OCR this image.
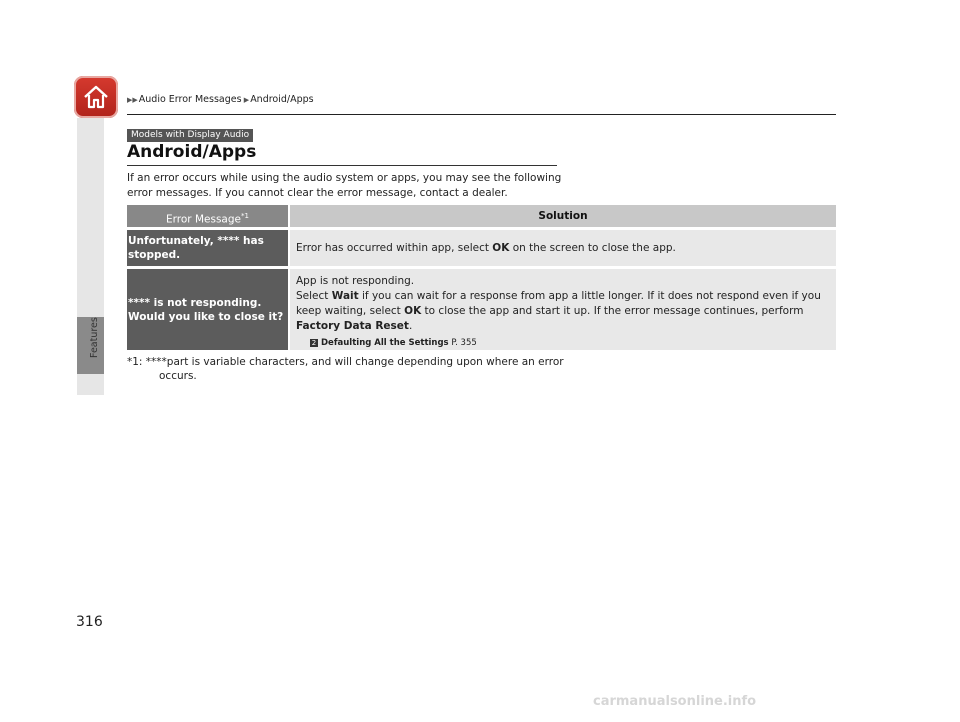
Features
▶▶Audio Error Messages ▶Android/Apps
Models with Display Audio
Android/Apps
If an error occurs while using the audio system or apps, you may see the following error messages. If you cannot clear the error message, contact a dealer.
Error Message$^{*1}$	Solution
Unfortunately, **** has stopped.
Error has occurred within app, select OK on the screen to close the app.
**** is not responding. Would you like to close it?
App is not responding.
Select Wait if you can wait for a response from app a little longer. If it does not respond even if you keep waiting, select OK to close the app and start it up. If the error message continues, perform Factory Data Reset.
2 Defaulting All the Settings P. 355
*1: ****part is variable characters, and will change depending upon where an error
occurs.
316
carmanualsonline.info
